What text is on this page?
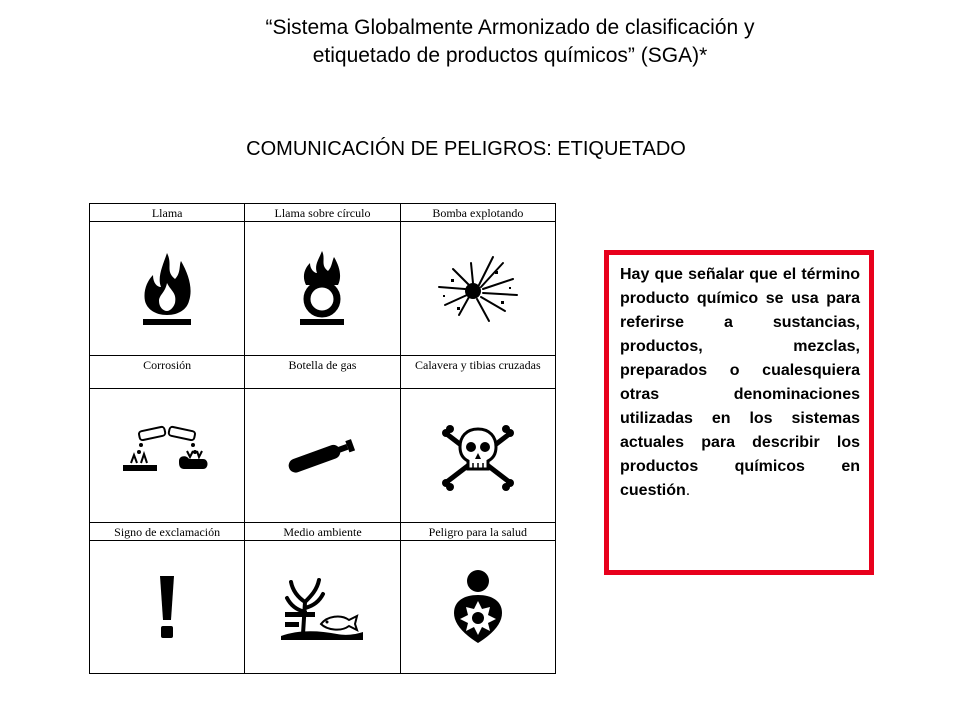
“Sistema Globalmente Armonizado de clasificación y
etiquetado de productos químicos” (SGA)*
COMUNICACIÓN DE PELIGROS: ETIQUETADO
Llama	Llama sobre círculo	Bomba explotando

Corrosión	Botella de gas	Calavera y tibias cruzadas

Signo de exclamación	Medio ambiente	Peligro para la salud

Hay que señalar que el término producto químico se usa para referirse a sustancias, productos, mezclas, preparados o cualesquiera otras denominaciones utilizadas en los sistemas actuales para describir los productos químicos en cuestión.
